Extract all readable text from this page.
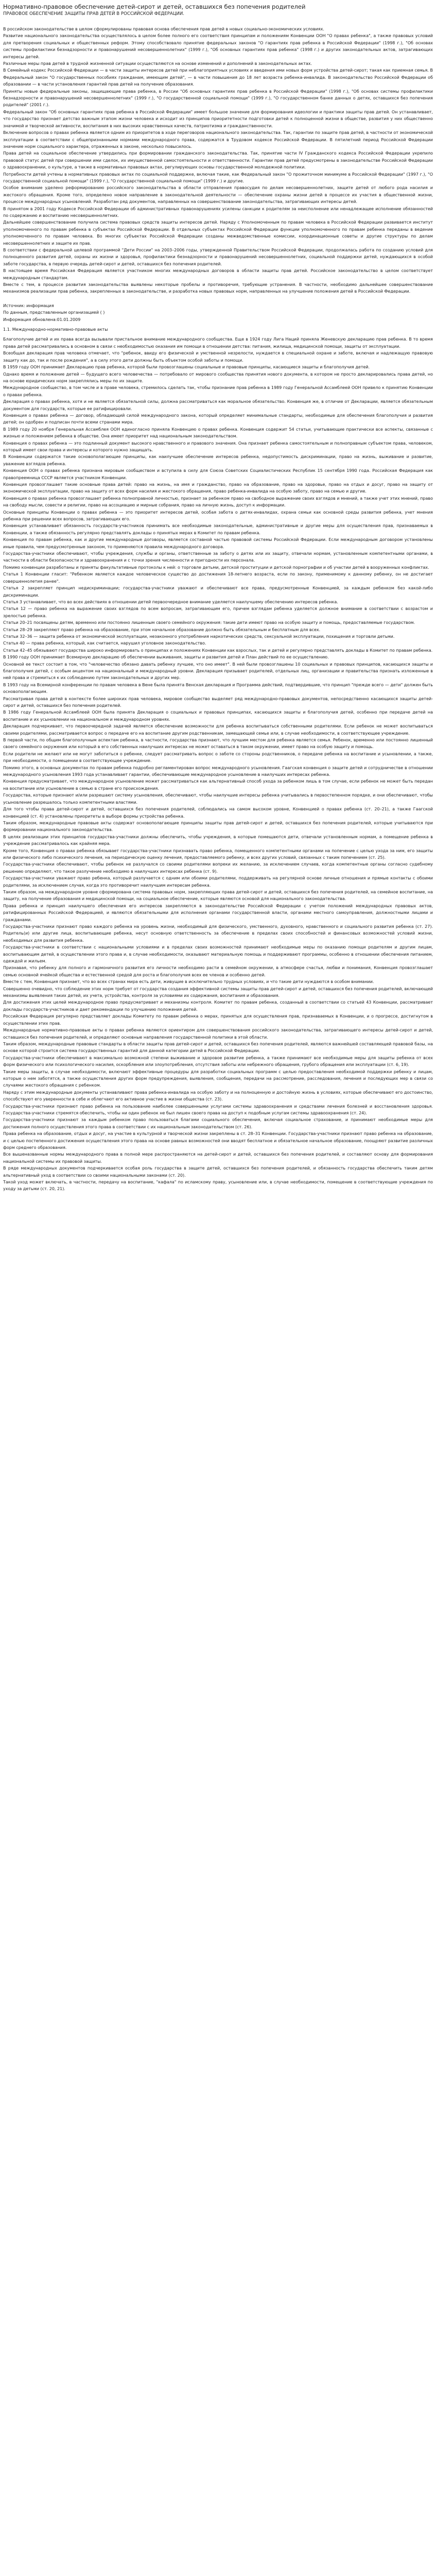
Нормативно-правовое обеспечение детей-сирот и детей, оставшихся без попечения родителей
ПРАВОВОЕ ОБЕСПЕЧЕНИЕ ЗАЩИТЫ ПРАВ ДЕТЕЙ В РОССИЙСКОЙ ФЕДЕРАЦИИ.

В российском законодательстве в целом сформулированы правовая основа обеспечения прав детей в новых социально-экономических условиях.

Развитие национального законодательства осуществлялось в целом более полного его соответствия принципам и положениям Конвенции ООН "О правах ребенка", а также правовых условий для претворения социальных и общественных реформ. Этому способствовало принятие федеральных законов "О гарантиях прав ребенка в Российской Федерации" (1998 г.), "Об основах системы профилактики безнадзорности и правонарушений несовершеннолетних" (1999 г.), "Об основных гарантиях прав ребенка" (1998 г.) и других законодательных актов, затрагивающих интересы детей.

Различные меры прав детей в трудной жизненной ситуации осуществляются на основе изменений и дополнений в законодательных актах.

В Семейный кодекс Российской Федерации — в части защиты интересов детей при неблагоприятных условиях и введения ими новых форм устройства детей-сирот; такая как приемная семья. В Федеральный закон "О государственных пособиях гражданам, имеющим детей", — в части повышения до 18 лет возраста ребенка-инвалида. В законодательство Российской Федерации об образовании — в части установления гарантий прав детей на получение образования.

Приняты новые федеральные законы, защищающие права ребенка, в России "Об основных гарантиях прав ребенка в Российской Федерации" (1998 г.), "Об основах системы профилактики безнадзорности и правонарушений несовершеннолетних" (1999 г.), "О государственной социальной помощи" (1999 г.), "О государственном банке данных о детях, оставшихся без попечения родителей" (2001 г.).

Федеральный закон "Об основных гарантиях прав ребенка в Российской Федерации" имеет большое значение для формирования идеологии и практики защиты прав детей. Он устанавливает, что государство признает детство важным этапом жизни человека и исходит из принципов приоритетности подготовки детей к полноценной жизни в обществе, развития у них общественно значимой и творческой активности, воспитания в них высоких нравственных качеств, патриотизма и гражданственности.

Включение вопросов о правах ребенка является одним из приоритетов в ходе переговоров национального законодательства. Так, гарантии по защите прав детей, в частности от экономической эксплуатации в соответствии с общепризнанными нормами международного права, содержатся в Трудовом кодексе Российской Федерации. В пятилетний период Российской Федерации значение норм социального характера, отраженных в законе, несколько повысилось.

Права детей на социальное обеспечение утвердились при формировании гражданского законодательства. Так, принятие части IV Гражданского кодекса Российской Федерации укрепило правовой статус детей при совершении ими сделок, их имущественной самостоятельности и ответственности. Гарантии прав детей предусмотрены в законодательстве Российской Федерации о здравоохранении, о культуре, а также в нормативных правовых актах, регулирующих основы государственной молодежной политики.

Потребности детей учтены в нормативных правовых актах по социальной поддержке, включая такие, как Федеральный закон "О прожиточном минимуме в Российской Федерации" (1997 г.), "О государственной социальной помощи" (1999 г.), "О государственной социальной помощи" (1999 г.) и другие.

Особое внимание уделено реформированию российского законодательства в области отправления правосудия по делам несовершеннолетних, защите детей от любого рода насилия и жестокого обращения. Кроме того, определено новое направление в законодательной деятельности — обеспечение охраны жизни детей в процессе их участия в общественной жизни, процессе международных усыновлений. Разработан ряд документов, направленных на совершенствование законодательства, затрагивающих интересы детей.

В принятом в 2001 году Кодексе Российской Федерации об административных правонарушениях усилены санкции к родителям за неисполнение или ненадлежащее исполнение обязанностей по содержанию и воспитанию несовершеннолетних.

Дальнейшее совершенствование получила система правовых средств защиты интересов детей. Наряду с Уполномоченным по правам человека в Российской Федерации развивается институт уполномоченного по правам ребенка в субъектах Российской Федерации. В отдельных субъектах Российской Федерации функции уполномоченного по правам ребенка переданы в ведение уполномоченного по правам человека. Во многих субъектах Российской Федерации созданы межведомственные комиссии, координационные советы и другие структуры по делам несовершеннолетних и защите их прав.

В соответствии с федеральной целевой программой "Дети России" на 2003–2006 годы, утвержденной Правительством Российской Федерации, продолжалась работа по созданию условий для полноценного развития детей, охраны их жизни и здоровья, профилактики безнадзорности и правонарушений несовершеннолетних, социальной поддержки детей, нуждающихся в особой заботе государства, в первую очередь детей-сирот и детей, оставшихся без попечения родителей.

В настоящее время Российская Федерация является участником многих международных договоров в области защиты прав детей. Российское законодательство в целом соответствует международным стандартам.

Вместе с тем, в процессе развития законодательства выявлены некоторые пробелы и противоречия, требующие устранения. В частности, необходимо дальнейшее совершенствование механизмов реализации прав ребенка, закрепленных в законодательстве, и разработка новых правовых норм, направленных на улучшение положения детей в Российской Федерации.

Источник: информация
По данным, представленным организацией ( )
Информация обновлена:01.01.2009
1.1. Международно-нормативно-правовые акты

Благополучие детей и их права всегда вызывали пристальное внимание международного сообщества. Еще в 1924 году Лига Наций приняла Женевскую декларацию прав ребенка. В то время права детей рассматривались в основном в связи с необходимостью оказания им помощи в отношении детства: питания, жилища, медицинской помощи, защиты от эксплуатации.

Всеобщая декларация прав человека отмечает, что "ребенок, ввиду его физической и умственной незрелости, нуждается в специальной охране и заботе, включая и надлежащую правовую защиту как до, так и после рождения", а в силу этого дети должны быть объектом особой заботы и помощи.

В 1959 году ООН принимает Декларацию прав ребенка, которой были провозглашены социальные и правовые принципы, касающиеся защиты и благополучия детей.

Однако время и положение детей — будущего всего человечества — потребовало от мирового сообщества принятия нового документа, в котором не просто декларировались права детей, но на основе юридических норм закреплялись меры по их защите.

Международное сообщество, в том числе и в праве человека, стремилось сделать так, чтобы признание прав ребенка в 1989 году Генеральной Ассамблеей ООН привело к принятию Конвенции о правах ребенка.

Декларация о правах ребенка, хотя и не является обязательной силы, должна рассматриваться как моральное обязательство. Конвенция же, в отличие от Декларации, является обязательным документом для государств, которые ее ратифицировали.

Конвенция о правах ребенка — договор, обладающий силой международного закона, который определяет минимальные стандарты, необходимые для обеспечения благополучия и развития детей; он одобрен и подписан почти всеми странами мира.

В 1989 году 20 ноября Генеральная Ассамблея ООН единогласно приняла Конвенцию о правах ребенка. Конвенция содержит 54 статьи, учитывающие практически все аспекты, связанные с жизнью и положением ребенка в обществе. Она имеет приоритет над национальным законодательством.

Конвенция о правах ребенка — это подлинный документ высокого нравственного и правового значения. Она признает ребенка самостоятельным и полноправным субъектом права, человеком, который имеет свои права и интересы и которого нужно защищать.

В Конвенции содержатся такие основополагающие принципы, как наилучшее обеспечение интересов ребенка, недопустимость дискриминации, право на жизнь, выживание и развитие, уважение взглядов ребенка.

Конвенция ООН о правах ребенка признана мировым сообществом и вступила в силу для Союза Советских Социалистических Республик 15 сентября 1990 года. Российская Федерация как правопреемница СССР является участником Конвенции.

Конвенция провозглашает такие основные права детей: право на жизнь, на имя и гражданство, право на образование, право на здоровье, право на отдых и досуг, право на защиту от экономической эксплуатации, право на защиту от всех форм насилия и жестокого обращения, право ребенка-инвалида на особую заботу, право на семью и другие.

Конвенция о правах ребенка провозглашает ребенка полноправной личностью, признает за ребенком право на свободное выражение своих взглядов и мнений, а также учет этих мнений, право на свободу мысли, совести и религии, право на ассоциацию и мирные собрания, право на личную жизнь, доступ к информации.

Основные принципы Конвенции о правах ребенка — это приоритет интересов детей, особая забота о детях-инвалидах, охрана семьи как основной среды развития ребенка, учет мнения ребенка при решении всех вопросов, затрагивающих его.

Конвенция устанавливает обязанность государств-участников принимать все необходимые законодательные, административные и другие меры для осуществления прав, признаваемых в Конвенции, а также обязанность регулярно представлять доклады о принятых мерах в Комитет по правам ребенка.

Конвенция по правам ребенка, как и другие международные договоры, является составной частью правовой системы Российской Федерации. Если международным договором установлены иные правила, чем предусмотренные законом, то применяются правила международного договора.

Государства-участники обеспечивают, чтобы учреждения, службы и органы, ответственные за заботу о детях или их защиту, отвечали нормам, установленным компетентными органами, в частности в области безопасности и здравоохранения и с точки зрения численности и пригодности их персонала.

Помимо конвенции разработаны и приняты факультативные протоколы к ней: о торговле детьми, детской проституции и детской порнографии и об участии детей в вооруженных конфликтах.

Статья 1 Конвенции гласит: "Ребенком является каждое человеческое существо до достижения 18-летнего возраста, если по закону, применимому к данному ребенку, он не достигает совершеннолетия ранее".

Статья 2 закрепляет принцип недискриминации; государства-участники уважают и обеспечивают все права, предусмотренные Конвенцией, за каждым ребенком без какой-либо дискриминации.

Статья 3 устанавливает, что во всех действиях в отношении детей первоочередное внимание уделяется наилучшему обеспечению интересов ребенка.

Статья 12 — право ребенка на выражение своих взглядов по всем вопросам, затрагивающим его, причем взглядам ребенка уделяется должное внимание в соответствии с возрастом и зрелостью ребенка.

Статьи 20–21 посвящены детям, временно или постоянно лишенным своего семейного окружения: такие дети имеют право на особую защиту и помощь, предоставляемые государством.

Статьи 28–29 закрепляют право ребенка на образование, при этом начальное образование должно быть обязательным и бесплатным для всех.

Статьи 32–36 — защита ребенка от экономической эксплуатации, незаконного употребления наркотических средств, сексуальной эксплуатации, похищения и торговли детьми.

Статья 40 — права ребенка, который, как считается, нарушил уголовное законодательство.

Статьи 42–45 обязывают государства широко информировать о принципах и положениях Конвенции как взрослых, так и детей и регулярно представлять доклады в Комитет по правам ребенка.

В 1990 году ООН принимает Всемирную декларацию об обеспечении выживания, защиты и развития детей и План действий по ее осуществлению.

Основной ее текст состоит в том, что "человечество обязано давать ребенку лучшее, что оно имеет". В ней были провозглашены 10 социальных и правовых принципов, касающихся защиты и благополучия детей, с особым акцентом на национальный и международный уровни. Декларация призывает родителей, отдельных лиц, организации и правительства признать изложенные в ней права и стремиться к их соблюдению путем законодательных и других мер.

В 1993 году на Всемирной конференции по правам человека в Вене была принята Венская декларация и Программа действий, подтвердившие, что принцип "прежде всего — дети" должен быть основополагающим.

Рассматривая права детей в контексте более широких прав человека, мировое сообщество выделяет ряд международно-правовых документов, непосредственно касающихся защиты детей-сирот и детей, оставшихся без попечения родителей.

В 1986 году Генеральной Ассамблеей ООН была принята Декларация о социальных и правовых принципах, касающихся защиты и благополучия детей, особенно при передаче детей на воспитание и их усыновлении на национальном и международном уровнях.

Декларация подчеркивает, что первоочередной задачей является обеспечение возможности для ребенка воспитываться собственными родителями. Если ребенок не может воспитываться своими родителями, рассматривается вопрос о передаче его на воспитание другим родственникам, замещающей семье или, в случае необходимости, в соответствующее учреждение.

В первой части, по общим благополучным аспектам ребенка, в частности, государства признают, что лучшим местом для ребенка является семья. Ребенок, временно или постоянно лишенный своего семейного окружения или который в его собственных наилучших интересах не может оставаться в таком окружении, имеет право на особую защиту и помощь.

Если родители не желают или не могут заботиться о ребенке, следует рассматривать вопрос о заботе со стороны родственников, о передаче ребенка на воспитание и усыновлении, а также, при необходимости, о помещении в соответствующее учреждение.

Помимо этого, в основных документах по правам ребенка подробно регламентирован вопрос международного усыновления. Гаагская конвенция о защите детей и сотрудничестве в отношении международного усыновления 1993 года устанавливает гарантии, обеспечивающие международное усыновление в наилучших интересах ребенка.

Конвенция предусматривает, что международное усыновление может рассматриваться как альтернативный способ ухода за ребенком лишь в том случае, если ребенок не может быть передан на воспитание или усыновление в семью в стране его происхождения.

Государства, которые признают и/или разрешают систему усыновления, обеспечивают, чтобы наилучшие интересы ребенка учитывались в первостепенном порядке, и они обеспечивают, чтобы усыновление разрешалось только компетентными властями.

Для того чтобы права детей-сирот и детей, оставшихся без попечения родителей, соблюдались на самом высоком уровне, Конвенцией о правах ребенка (ст. 20–21), а также Гаагской конвенцией (ст. 4) установлены приоритеты в выборе формы устройства ребенка.

Таким образом, международные правовые акты содержат основополагающие принципы защиты прав детей-сирот и детей, оставшихся без попечения родителей, которые учитываются при формировании национального законодательства.

В целях реализации этих принципов государства-участники должны обеспечить, чтобы учреждения, в которые помещаются дети, отвечали установленным нормам, а помещение ребенка в учреждение рассматривалось как крайняя мера.

Кроме того, Конвенция о правах ребенка обязывает государства-участники признавать право ребенка, помещенного компетентными органами на попечение с целью ухода за ним, его защиты или физического либо психического лечения, на периодическую оценку лечения, предоставляемого ребенку, и всех других условий, связанных с таким попечением (ст. 25).

Государства-участники обеспечивают, чтобы ребенок не разлучался со своими родителями вопреки их желанию, за исключением случаев, когда компетентные органы согласно судебному решению определяют, что такое разлучение необходимо в наилучших интересах ребенка (ст. 9).

Государства-участники уважают право ребенка, который разлучается с одним или обоими родителями, поддерживать на регулярной основе личные отношения и прямые контакты с обоими родителями, за исключением случая, когда это противоречит наилучшим интересам ребенка.

Таким образом, на международном уровне сформирована система правовых норм, закрепляющих права детей-сирот и детей, оставшихся без попечения родителей, на семейное воспитание, на защиту, на получение образования и медицинской помощи, на социальное обеспечение, которые являются основой для национального законодательства.

Права ребенка и принцип наилучшего обеспечения его интересов закрепляются в законодательстве Российской Федерации с учетом положений международных правовых актов, ратифицированных Российской Федерацией, и являются обязательными для исполнения органами государственной власти, органами местного самоуправления, должностными лицами и гражданами.

Государства-участники признают право каждого ребенка на уровень жизни, необходимый для физического, умственного, духовного, нравственного и социального развития ребенка (ст. 27). Родитель(и) или другие лица, воспитывающие ребенка, несут основную ответственность за обеспечение в пределах своих способностей и финансовых возможностей условий жизни, необходимых для развития ребенка.

Государства-участники в соответствии с национальными условиями и в пределах своих возможностей принимают необходимые меры по оказанию помощи родителям и другим лицам, воспитывающим детей, в осуществлении этого права и, в случае необходимости, оказывают материальную помощь и поддерживают программы, особенно в отношении обеспечения питанием, одеждой и жильем.

Признавая, что ребенку для полного и гармоничного развития его личности необходимо расти в семейном окружении, в атмосфере счастья, любви и понимания, Конвенция провозглашает семью основной ячейкой общества и естественной средой для роста и благополучия всех ее членов и особенно детей.

Вместе с тем, Конвенция признает, что во всех странах мира есть дети, живущие в исключительно трудных условиях, и что такие дети нуждаются в особом внимании.

Совершенно очевидно, что соблюдение этих норм требует от государства создания эффективной системы защиты прав детей-сирот и детей, оставшихся без попечения родителей, включающей механизмы выявления таких детей, их учета, устройства, контроля за условиями их содержания, воспитания и образования.

Для достижения этих целей международное право предусматривает и механизмы контроля. Комитет по правам ребенка, созданный в соответствии со статьей 43 Конвенции, рассматривает доклады государств-участников и дает рекомендации по улучшению положения детей.

Российская Федерация регулярно представляет доклады Комитету по правам ребенка о мерах, принятых для осуществления прав, признаваемых в Конвенции, и о прогрессе, достигнутом в осуществлении этих прав.

Международные нормативно-правовые акты о правах ребенка являются ориентиром для совершенствования российского законодательства, затрагивающего интересы детей-сирот и детей, оставшихся без попечения родителей, и определяют основные направления государственной политики в этой области.

Таким образом, международные правовые стандарты в области защиты прав детей-сирот и детей, оставшихся без попечения родителей, являются важнейшей составляющей правовой базы, на основе которой строится система государственных гарантий для данной категории детей в Российской Федерации.

Государства-участники обеспечивают в максимально возможной степени выживание и здоровое развитие ребенка, а также принимают все необходимые меры для защиты ребенка от всех форм физического или психологического насилия, оскорбления или злоупотребления, отсутствия заботы или небрежного обращения, грубого обращения или эксплуатации (ст. 6, 19).

Такие меры защиты, в случае необходимости, включают эффективные процедуры для разработки социальных программ с целью предоставления необходимой поддержки ребенку и лицам, которые о нем заботятся, а также осуществления других форм предупреждения, выявления, сообщения, передачи на рассмотрение, расследования, лечения и последующих мер в связи со случаями жестокого обращения с ребенком.

Наряду с этим международные документы устанавливают права ребенка-инвалида на особую заботу и на полноценную и достойную жизнь в условиях, которые обеспечивают его достоинство, способствуют его уверенности в себе и облегчают его активное участие в жизни общества (ст. 23).

Государства-участники признают право ребенка на пользование наиболее совершенными услугами системы здравоохранения и средствами лечения болезней и восстановления здоровья. Государства-участники стремятся обеспечить, чтобы ни один ребенок не был лишен своего права на доступ к подобным услугам системы здравоохранения (ст. 24).

Государства-участники признают за каждым ребенком право пользоваться благами социального обеспечения, включая социальное страхование, и принимают необходимые меры для достижения полного осуществления этого права в соответствии с их национальным законодательством (ст. 26).

Права ребенка на образование, отдых и досуг, на участие в культурной и творческой жизни закреплены в ст. 28–31 Конвенции. Государства-участники признают право ребенка на образование, и с целью постепенного достижения осуществления этого права на основе равных возможностей они вводят бесплатное и обязательное начальное образование, поощряют развитие различных форм среднего образования.

Все вышеназванные нормы международного права в полной мере распространяются на детей-сирот и детей, оставшихся без попечения родителей, и составляют основу для формирования национальной системы их правовой защиты.

В ряде международных документов подчеркивается особая роль государства в защите детей, оставшихся без попечения родителей, и обязанность государства обеспечить таким детям альтернативный уход в соответствии со своими национальными законами (ст. 20).

Такой уход может включать, в частности, передачу на воспитание, "кафала" по исламскому праву, усыновление или, в случае необходимости, помещение в соответствующие учреждения по уходу за детьми (ст. 20, 21).
